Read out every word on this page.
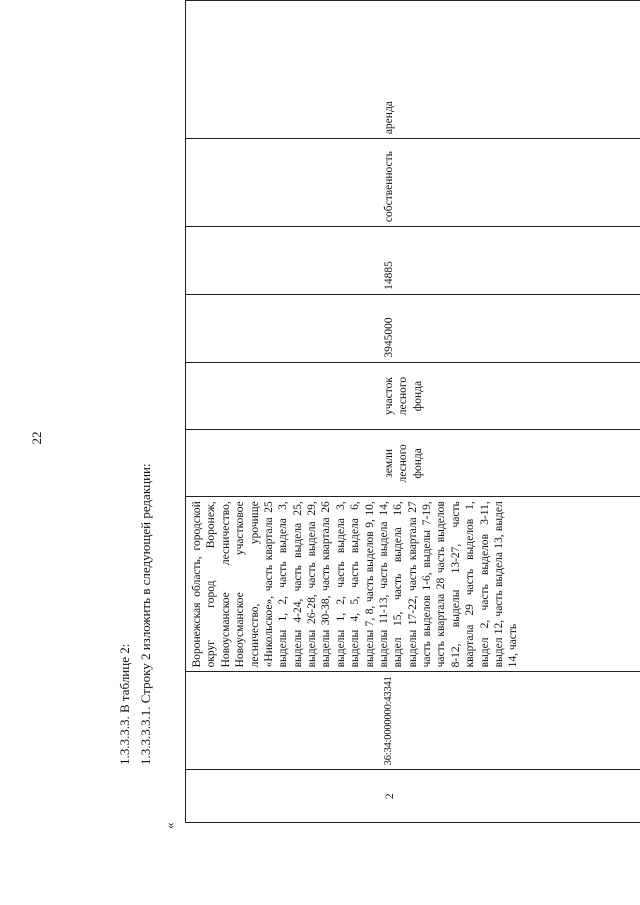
22
1.3.3.3.3. В таблице 2: 1.3.3.3.3.1. Строку 2 изложить в следующей редакции:
«
2	36:34:0000000:43341	Воронежская область, городской округ город Воронеж, Новоусманское лесничество, Новоусманское участковое лесничество, урочище «Никольское», часть квартала 25 выделы 1, 2, часть выдела 3, выделы 4-24, часть выдела 25, выделы 26-28, часть выдела 29, выделы 30-38, часть квартала 26 выделы 1, 2, часть выдела 3, выделы 4, 5, часть выдела 6, выделы 7, 8, часть выделов 9, 10, выделы 11-13, часть выдела 14, выдел 15, часть выдела 16, выделы 17-22, часть квартала 27 часть выделов 1-6, выделы 7-19, часть квартала 28 часть выделов 8-12, выделы 13-27, часть квартала 29 часть выделов 1, выдел 2, часть выделов 3-11, выдел 12, часть выдела 13, выдел 14, часть	земли лесного фонда	участок лесного фонда	3945000	14885	собственность	аренда
